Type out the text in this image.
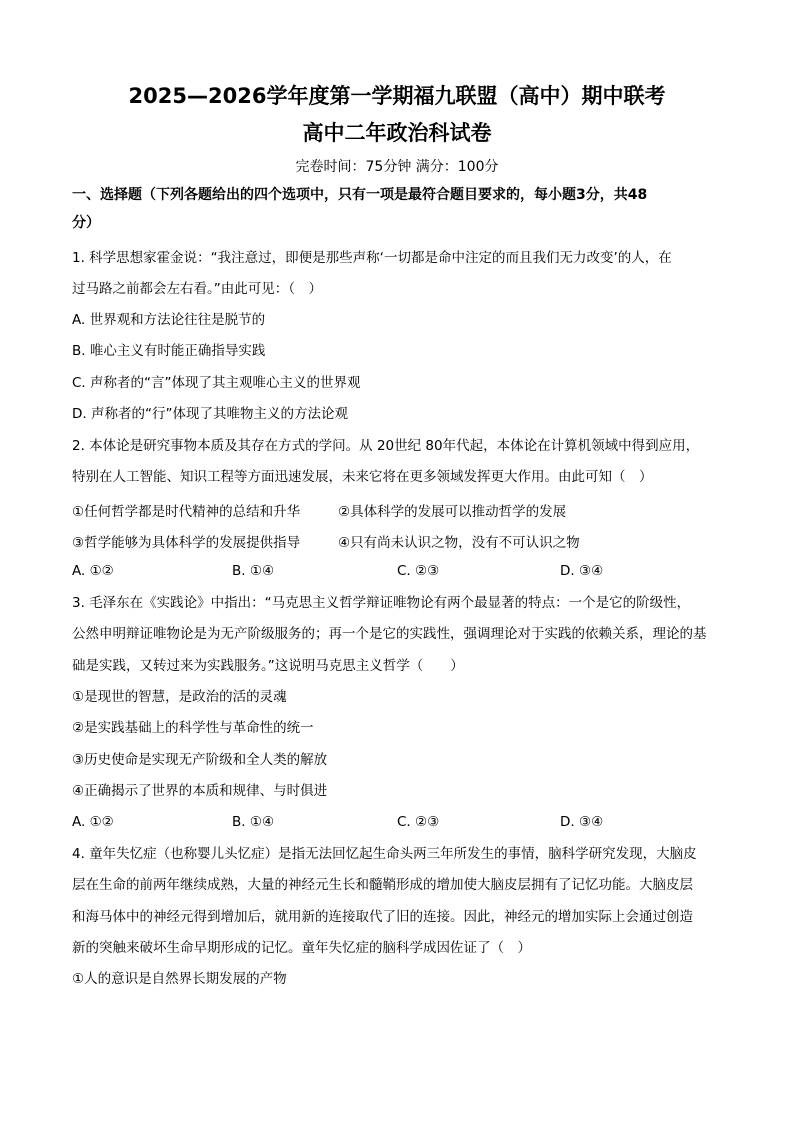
2025—2026学年度第一学期福九联盟（高中）期中联考
高中二年政治科试卷
完卷时间：75分钟 满分：100分
一、选择题（下列各题给出的四个选项中，只有一项是最符合题目要求的，每小题3分，共48
分）
1. 科学思想家霍金说：“我注意过，即便是那些声称‘一切都是命中注定的而且我们无力改变’的人，在
过马路之前都会左右看。”由此可见：（　）
A. 世界观和方法论往往是脱节的
B. 唯心主义有时能正确指导实践
C. 声称者的“言”体现了其主观唯心主义的世界观
D. 声称者的“行”体现了其唯物主义的方法论观
2. 本体论是研究事物本质及其存在方式的学问。从 20世纪 80年代起，本体论在计算机领域中得到应用，
特别在人工智能、知识工程等方面迅速发展，未来它将在更多领域发挥更大作用。由此可知（　）
①任何哲学都是时代精神的总结和升华	②具体科学的发展可以推动哲学的发展
③哲学能够为具体科学的发展提供指导	④只有尚未认识之物，没有不可认识之物
A. ①②	B. ①④	C. ②③	D. ③④
3. 毛泽东在《实践论》中指出：“马克思主义哲学辩证唯物论有两个最显著的特点：一个是它的阶级性，
公然申明辩证唯物论是为无产阶级服务的；再一个是它的实践性，强调理论对于实践的依赖关系，理论的基
础是实践，又转过来为实践服务。”这说明马克思主义哲学（　　）
①是现世的智慧，是政治的活的灵魂
②是实践基础上的科学性与革命性的统一
③历史使命是实现无产阶级和全人类的解放
④正确揭示了世界的本质和规律、与时俱进
A. ①②	B. ①④	C. ②③	D. ③④
4. 童年失忆症（也称婴儿头忆症）是指无法回忆起生命头两三年所发生的事情，脑科学研究发现，大脑皮
层在生命的前两年继续成熟，大量的神经元生长和髓鞘形成的增加使大脑皮层拥有了记忆功能。大脑皮层
和海马体中的神经元得到增加后，就用新的连接取代了旧的连接。因此，神经元的增加实际上会通过创造
新的突触来破坏生命早期形成的记忆。童年失忆症的脑科学成因佐证了（　）
①人的意识是自然界长期发展的产物
